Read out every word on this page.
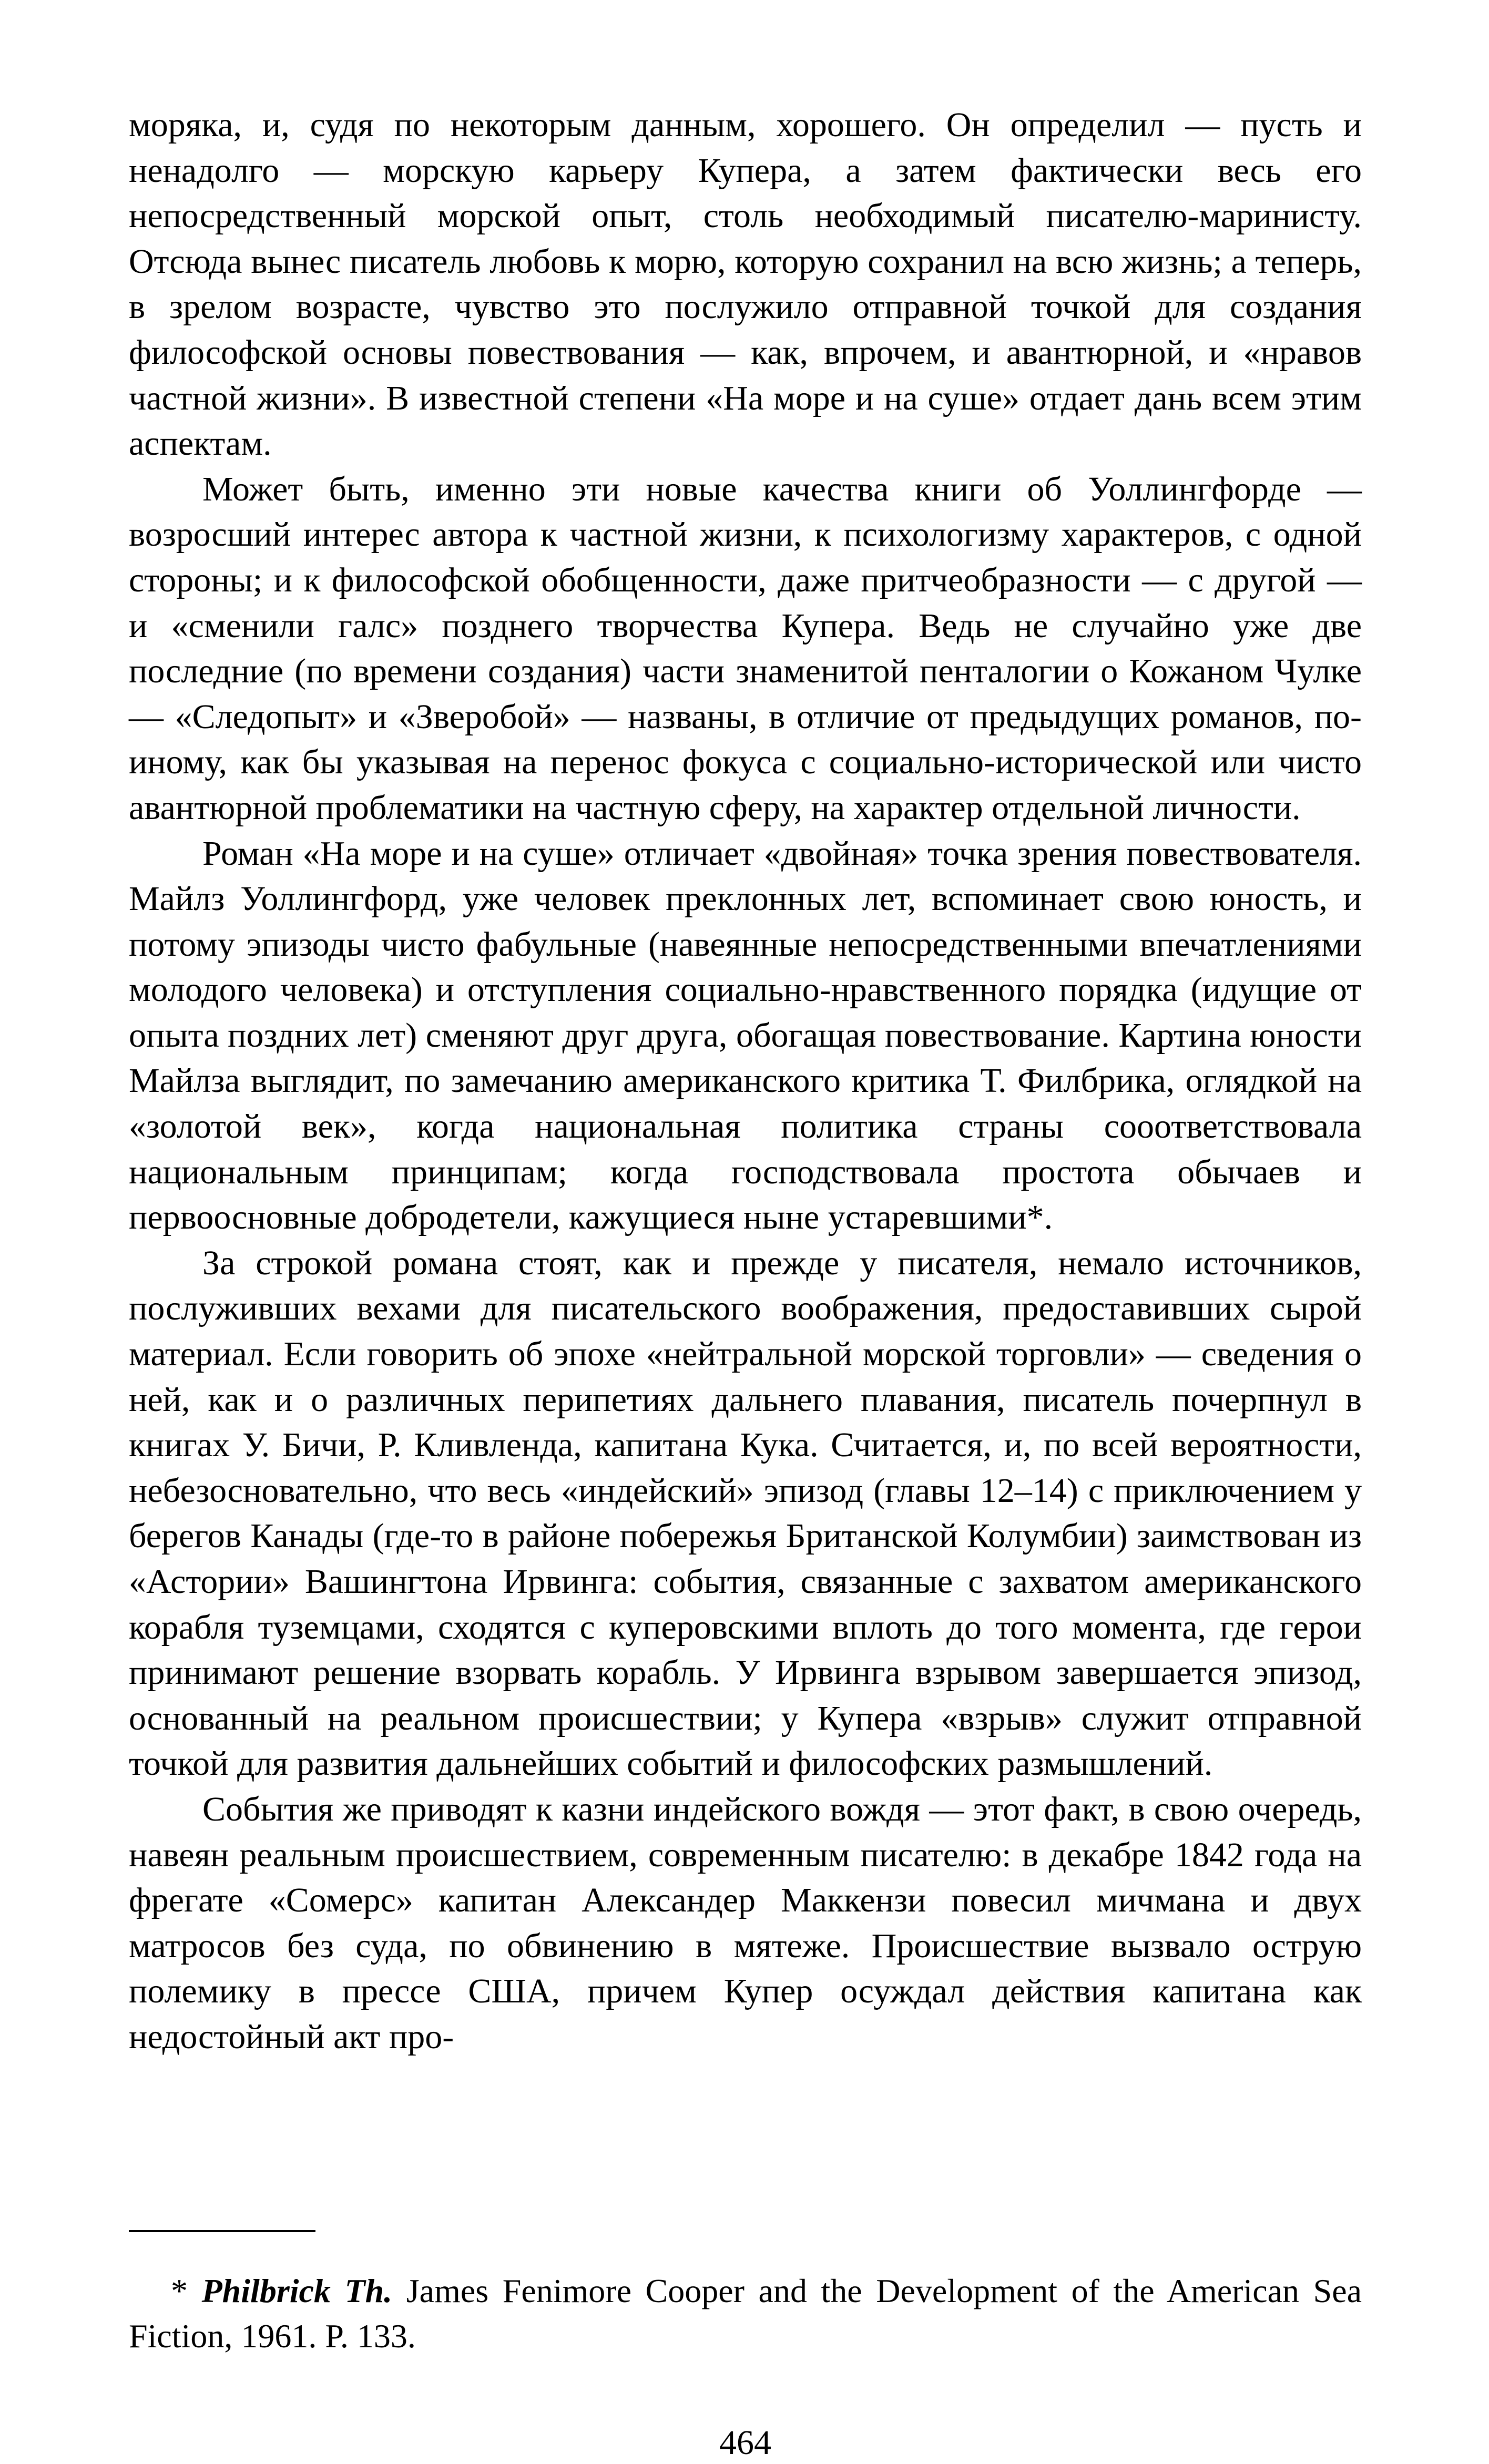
моряка, и, судя по некоторым данным, хорошего. Он определил — пусть и ненадолго — морскую карьеру Купера, а затем фактически весь его непосредственный морской опыт, столь необходимый писателю-маринисту. Отсюда вынес писатель любовь к морю, которую сохранил на всю жизнь; а теперь, в зрелом возрасте, чувство это послужило отправной точкой для создания философской основы повествования — как, впрочем, и авантюрной, и «нравов частной жизни». В известной степени «На море и на суше» отдает дань всем этим аспектам.

Может быть, именно эти новые качества книги об Уоллингфорде — возросший интерес автора к частной жизни, к психологизму характеров, с одной стороны; и к философской обобщенности, даже притчеобразности — с другой — и «сменили галс» позднего творчества Купера. Ведь не случайно уже две последние (по времени создания) части знаменитой пенталогии о Кожаном Чулке — «Следопыт» и «Зверобой» — названы, в отличие от предыдущих романов, по-иному, как бы указывая на перенос фокуса с социально-исторической или чисто авантюрной проблематики на частную сферу, на характер отдельной личности.

Роман «На море и на суше» отличает «двойная» точка зрения повествователя. Майлз Уоллингфорд, уже человек преклонных лет, вспоминает свою юность, и потому эпизоды чисто фабульные (навеянные непосредственными впечатлениями молодого человека) и отступления социально-нравственного порядка (идущие от опыта поздних лет) сменяют друг друга, обогащая повествование. Картина юности Майлза выглядит, по замечанию американского критика Т. Филбрика, оглядкой на «золотой век», когда национальная политика страны сооответствовала национальным принципам; когда господствовала простота обычаев и первоосновные добродетели, кажущиеся ныне устаревшими*.

За строкой романа стоят, как и прежде у писателя, немало источников, послуживших вехами для писательского воображения, предоставивших сырой материал. Если говорить об эпохе «нейтральной морской торговли» — сведения о ней, как и о различных перипетиях дальнего плавания, писатель почерпнул в книгах У. Бичи, Р. Кливленда, капитана Кука. Считается, и, по всей вероятности, небезосновательно, что весь «индейский» эпизод (главы 12–14) с приключением у берегов Канады (где-то в районе побережья Британской Колумбии) заимствован из «Астории» Вашингтона Ирвинга: события, связанные с захватом американского корабля туземцами, сходятся с куперовскими вплоть до того момента, где герои принимают решение взорвать корабль. У Ирвинга взрывом завершается эпизод, основанный на реальном происшествии; у Купера «взрыв» служит отправной точкой для развития дальнейших событий и философских размышлений.

События же приводят к казни индейского вождя — этот факт, в свою очередь, навеян реальным происшествием, современным писателю: в декабре 1842 года на фрегате «Сомерс» капитан Александер Маккензи повесил мичмана и двух матросов без суда, по обвинению в мятеже. Происшествие вызвало острую полемику в прессе США, причем Купер осуждал действия капитана как недостойный акт про-

* Philbrick Th. James Fenimore Cooper and the Development of the American Sea Fiction, 1961. P. 133.

464
